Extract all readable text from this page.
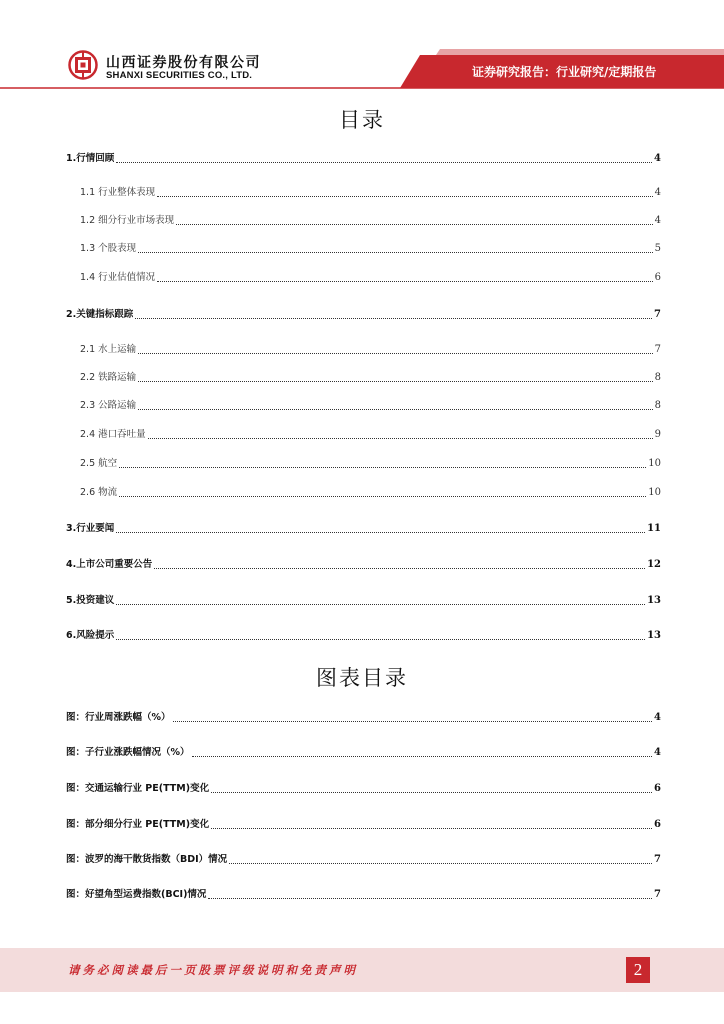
山西证券股份有限公司
SHANXI SECURITIES CO., LTD.	证券研究报告：行业研究/定期报告
目录
1.行情回顾	4
1.1 行业整体表现	4
1.2 细分行业市场表现	4
1.3 个股表现	5
1.4 行业估值情况	6
2.关键指标跟踪	7
2.1 水上运输	7
2.2 铁路运输	8
2.3 公路运输	8
2.4 港口吞吐量	9
2.5 航空	10
2.6 物流	10
3.行业要闻	11
4.上市公司重要公告	12
5.投资建议	13
6.风险提示	13
图表目录
图：行业周涨跌幅（%）	4
图：子行业涨跌幅情况（%）	4
图：交通运输行业 PE(TTM)变化	6
图：部分细分行业 PE(TTM)变化	6
图：波罗的海干散货指数（BDI）情况	7
图：好望角型运费指数(BCI)情况	7
请务必阅读最后一页股票评级说明和免责声明	2
